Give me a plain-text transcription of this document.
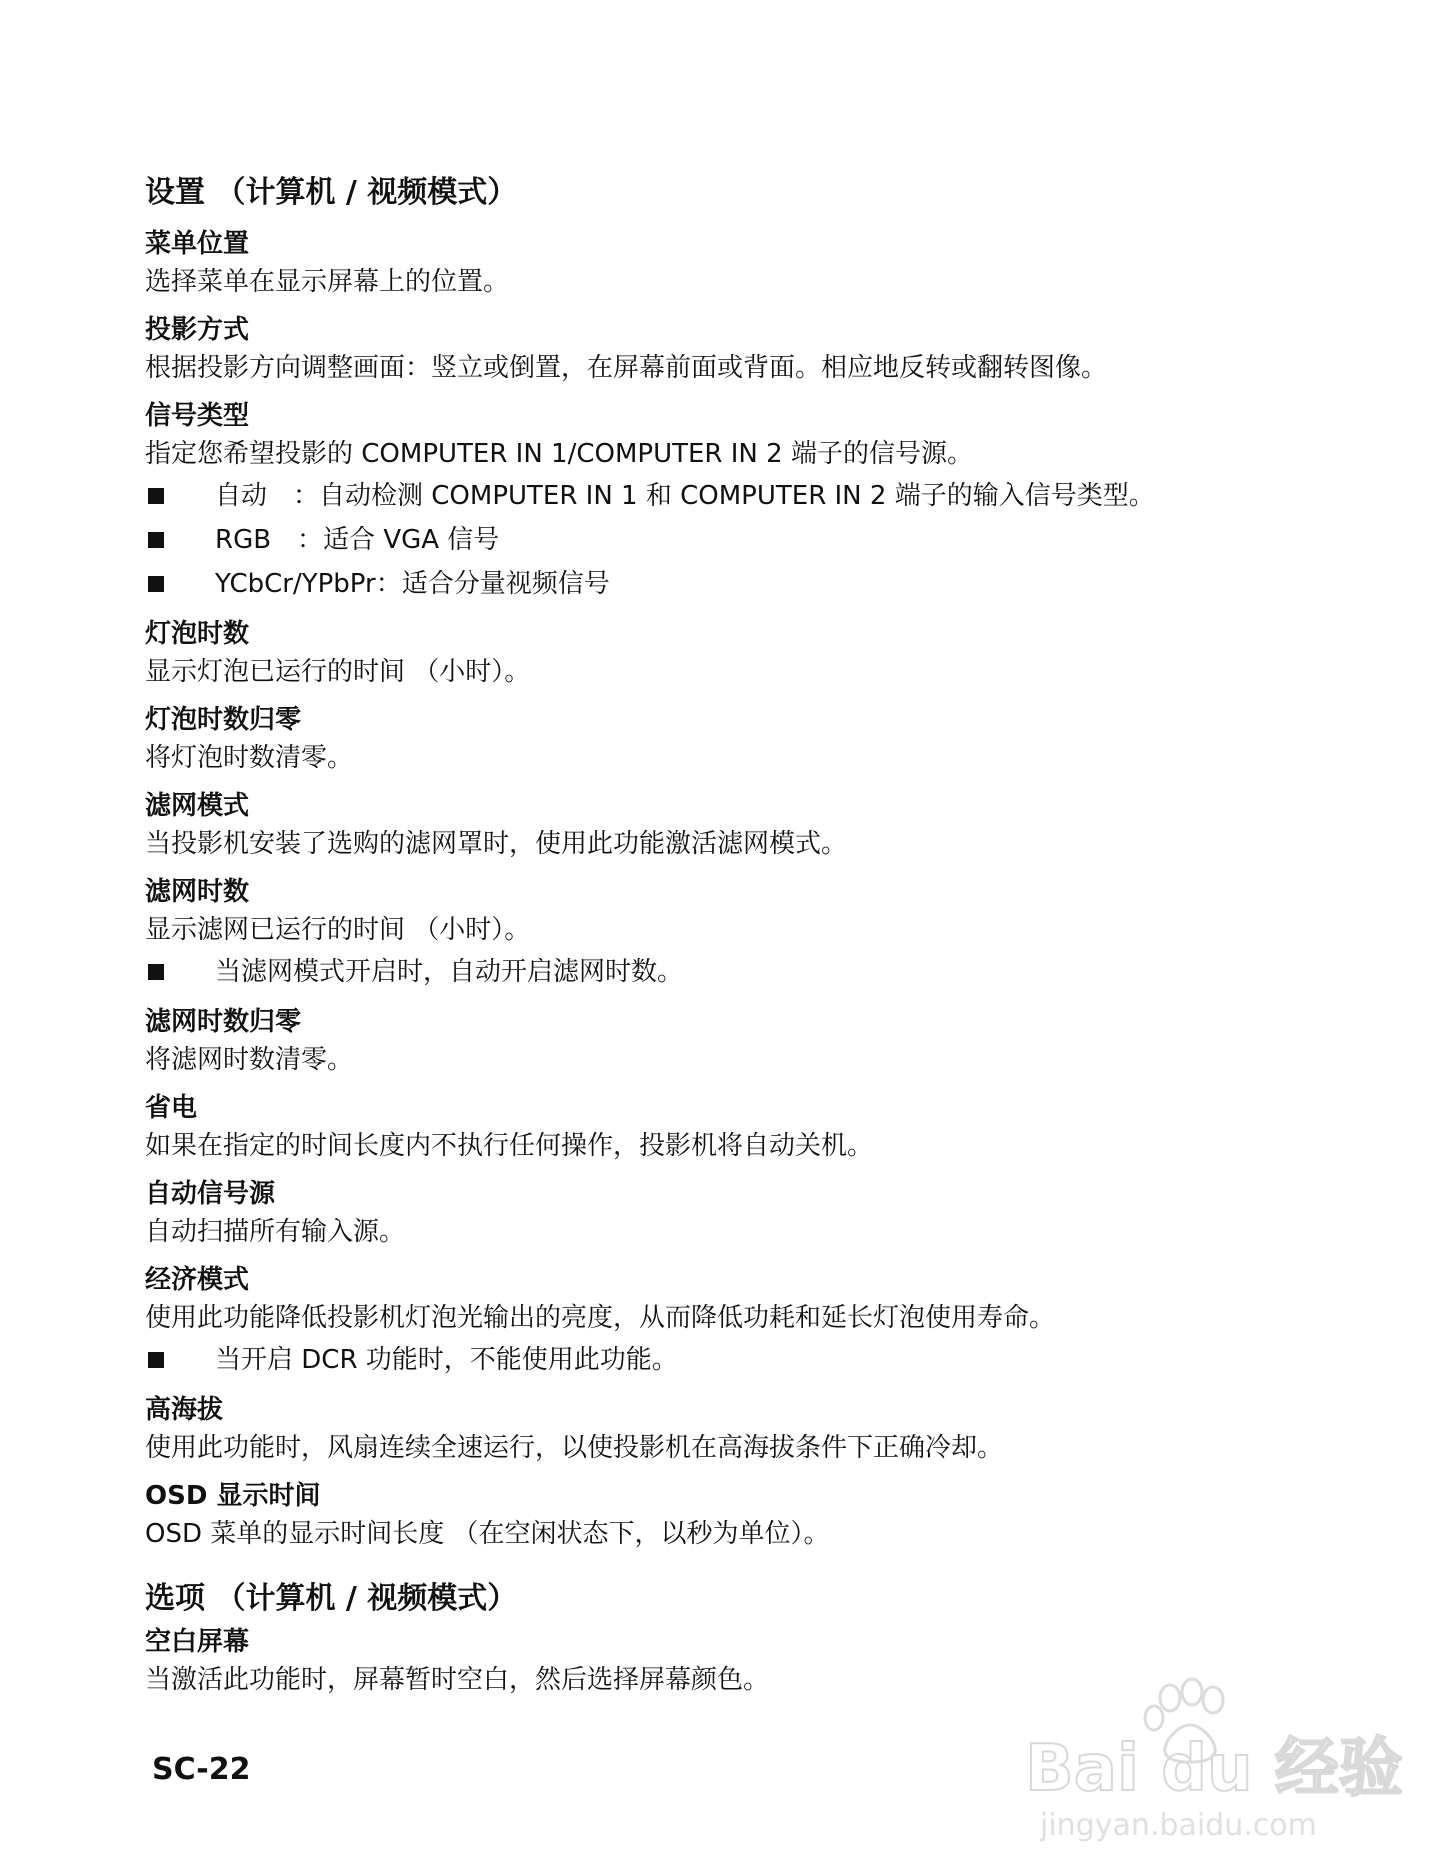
设置 （计算机 / 视频模式）
菜单位置
选择菜单在显示屏幕上的位置。
投影方式
根据投影方向调整画面：竖立或倒置，在屏幕前面或背面。相应地反转或翻转图像。
信号类型
指定您希望投影的 COMPUTER IN 1/COMPUTER IN 2 端子的信号源。
自动　：自动检测 COMPUTER IN 1 和 COMPUTER IN 2 端子的输入信号类型。
RGB　：适合 VGA 信号
YCbCr/YPbPr：适合分量视频信号
灯泡时数
显示灯泡已运行的时间 （小时）。
灯泡时数归零
将灯泡时数清零。
滤网模式
当投影机安装了选购的滤网罩时，使用此功能激活滤网模式。
滤网时数
显示滤网已运行的时间 （小时）。
当滤网模式开启时，自动开启滤网时数。
滤网时数归零
将滤网时数清零。
省电
如果在指定的时间长度内不执行任何操作，投影机将自动关机。
自动信号源
自动扫描所有输入源。
经济模式
使用此功能降低投影机灯泡光输出的亮度，从而降低功耗和延长灯泡使用寿命。
当开启 DCR 功能时，不能使用此功能。
高海拔
使用此功能时，风扇连续全速运行，以使投影机在高海拔条件下正确冷却。
OSD 显示时间
OSD 菜单的显示时间长度 （在空闲状态下，以秒为单位）。
选项 （计算机 / 视频模式）
空白屏幕
当激活此功能时，屏幕暂时空白，然后选择屏幕颜色。
SC-22	Bai du 经验
jingyan.baidu.com
